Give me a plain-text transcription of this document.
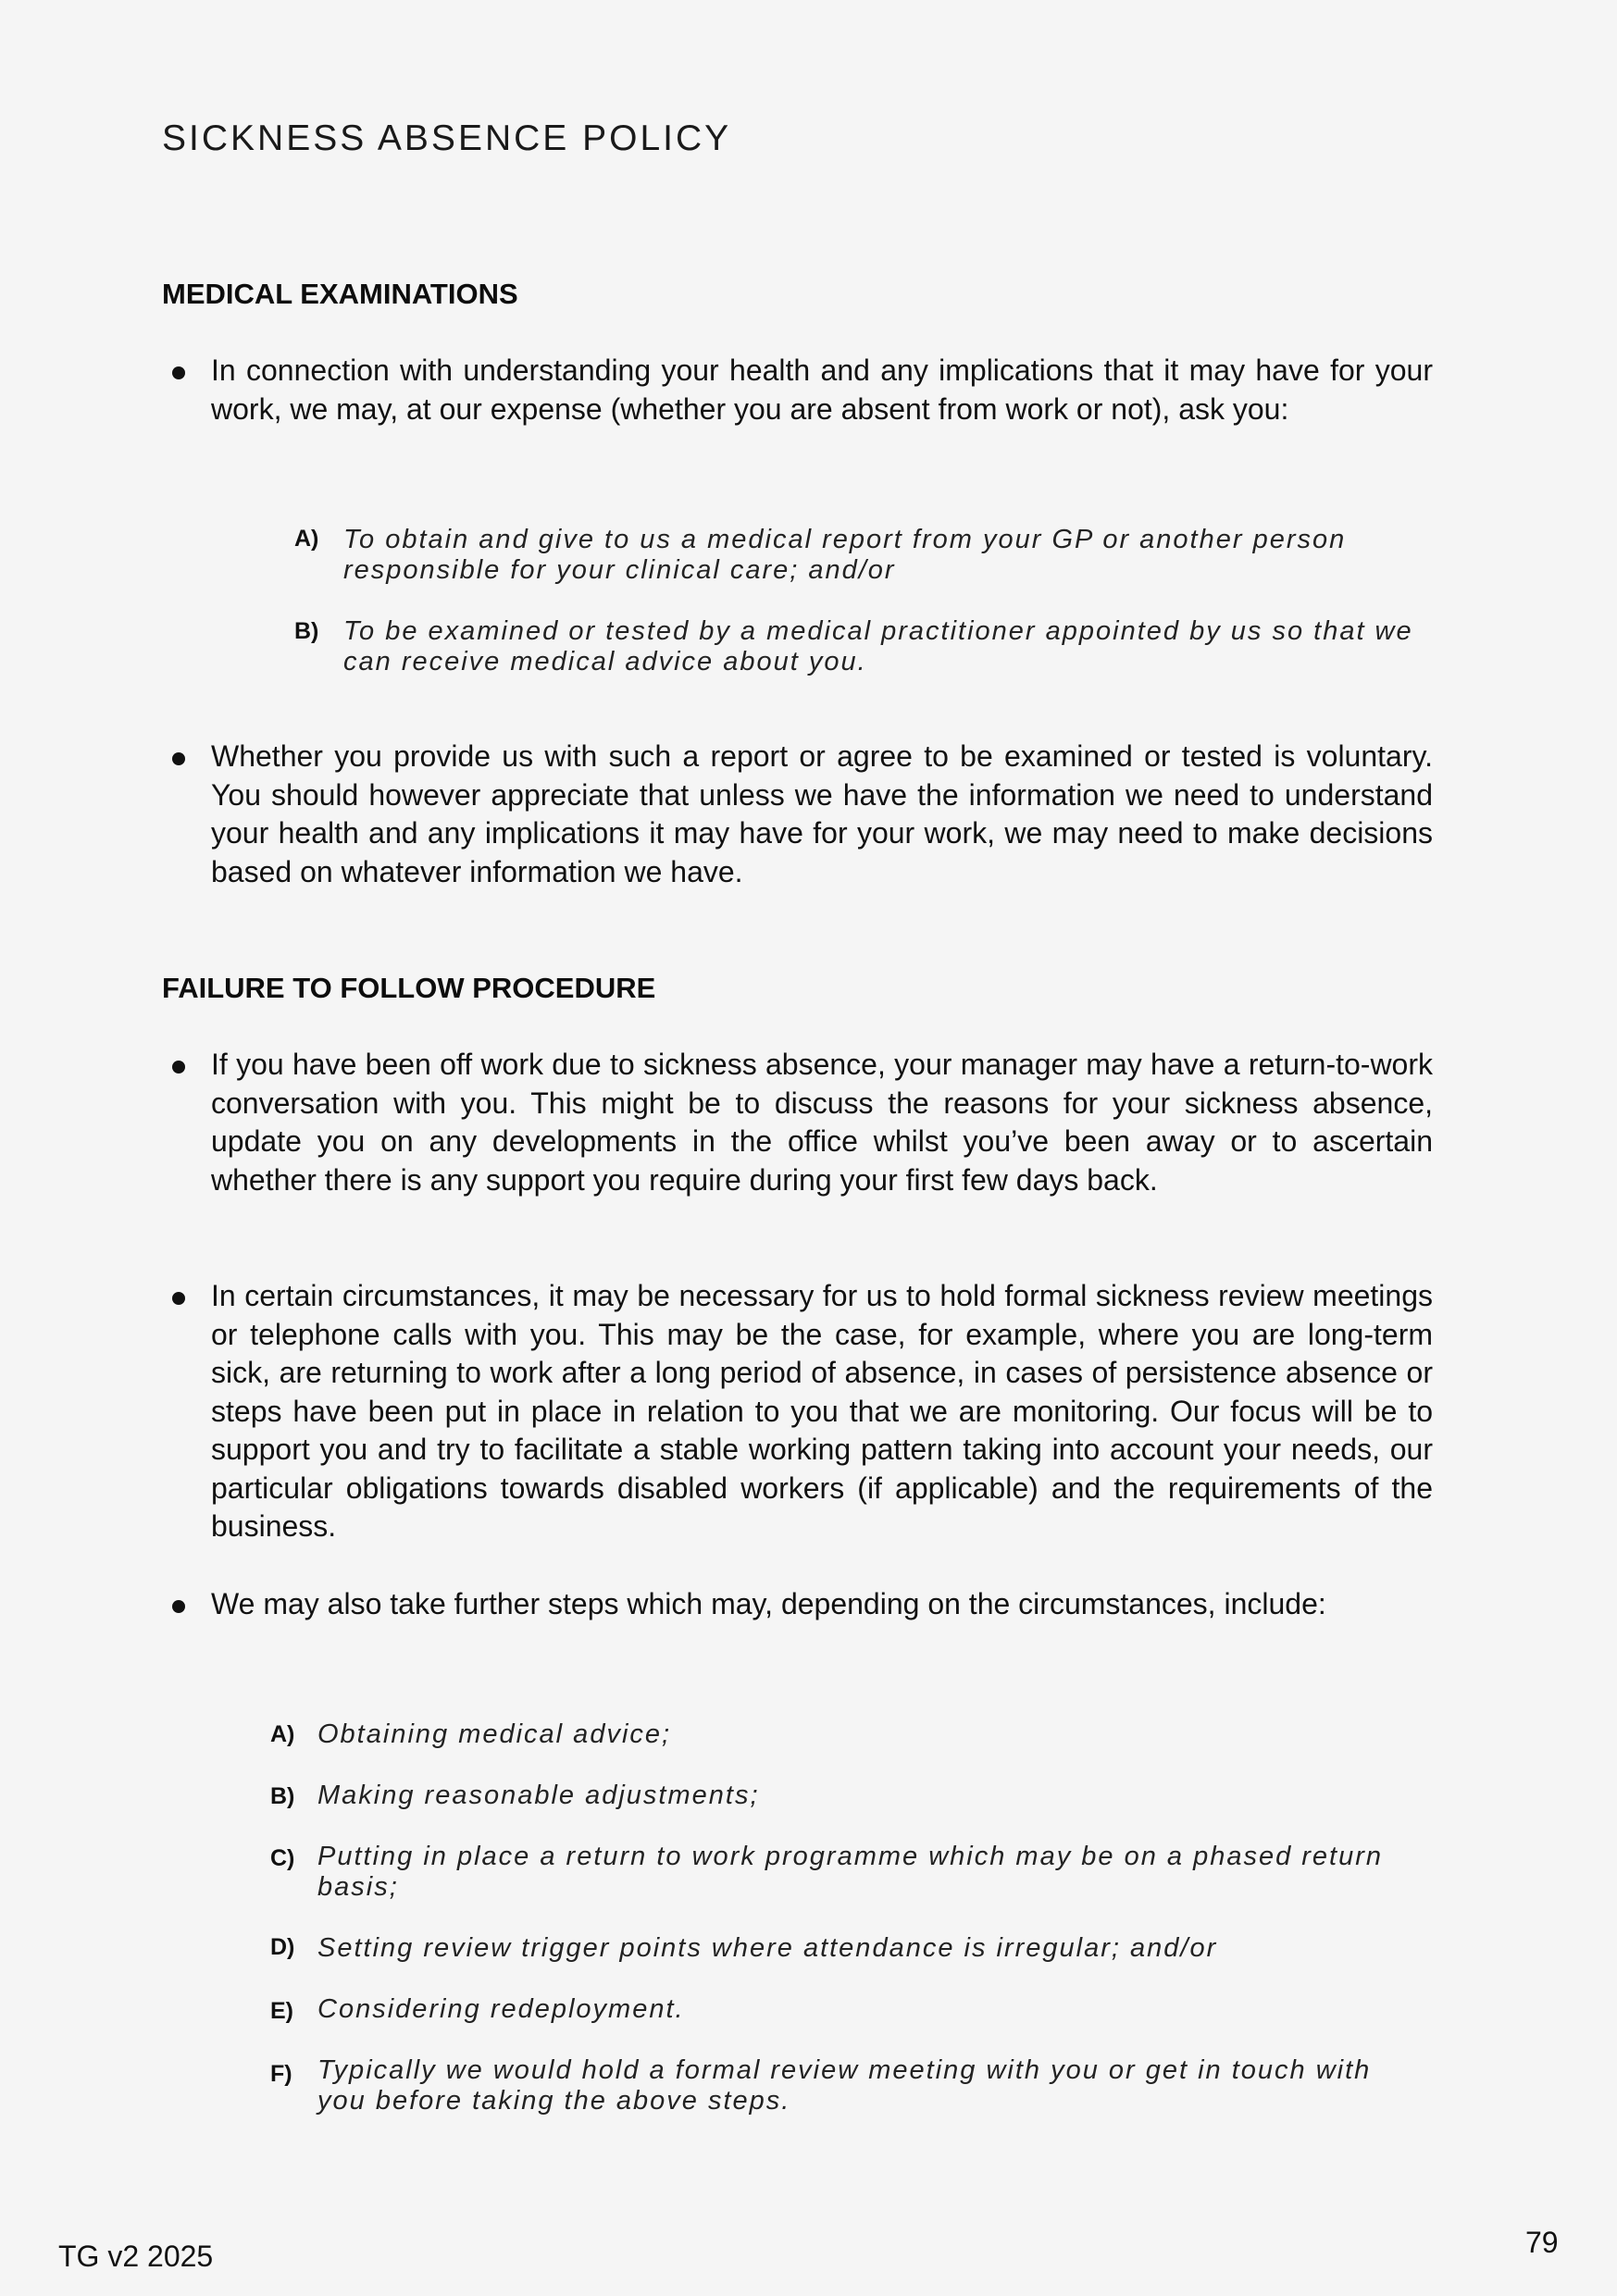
SICKNESS ABSENCE POLICY
MEDICAL EXAMINATIONS

In connection with understanding your health and any implications that it may have for your work, we may, at our expense (whether you are absent from work or not), ask you:

A) To obtain and give to us a medical report from your GP or another person responsible for your clinical care; and/or
B) To be examined or tested by a medical practitioner appointed by us so that we can receive medical advice about you.

Whether you provide us with such a report or agree to be examined or tested is voluntary. You should however appreciate that unless we have the information we need to understand your health and any implications it may have for your work, we may need to make decisions based on whatever information we have.

FAILURE TO FOLLOW PROCEDURE

If you have been off work due to sickness absence, your manager may have a return-to-work conversation with you. This might be to discuss the reasons for your sickness absence, update you on any developments in the office whilst you’ve been away or to ascertain whether there is any support you require during your first few days back.

In certain circumstances, it may be necessary for us to hold formal sickness review meetings or telephone calls with you. This may be the case, for example, where you are long-term sick, are returning to work after a long period of absence, in cases of persistence absence or steps have been put in place in relation to you that we are monitoring. Our focus will be to support you and try to facilitate a stable working pattern taking into account your needs, our particular obligations towards disabled workers (if applicable) and the requirements of the business.

We may also take further steps which may, depending on the circumstances, include:

A) Obtaining medical advice;
B) Making reasonable adjustments;
C) Putting in place a return to work programme which may be on a phased return basis;
D) Setting review trigger points where attendance is irregular; and/or
E) Considering redeployment.
F) Typically we would hold a formal review meeting with you or get in touch with you before taking the above steps.
TG v2 2025	79
